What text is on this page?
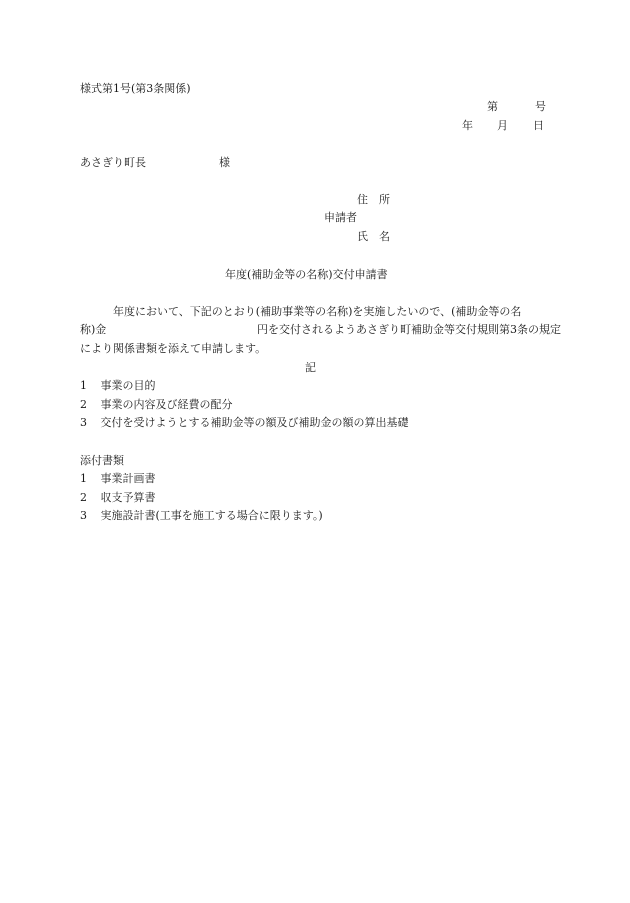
様式第1号(第3条関係)
第	号
年 月 日
あさぎり町長	様
住　所
申請者
氏　名
年度(補助金等の名称)交付申請書
年度において、下記のとおり(補助事業等の名称)を実施したいので、(補助金等の名
称)金	円を交付されるようあさぎり町補助金等交付規則第3条の規定
により関係書類を添えて申請します。
記
1 事業の目的
2 事業の内容及び経費の配分
3 交付を受けようとする補助金等の額及び補助金の額の算出基礎
添付書類
1 事業計画書
2 収支予算書
3 実施設計書(工事を施工する場合に限ります。)
